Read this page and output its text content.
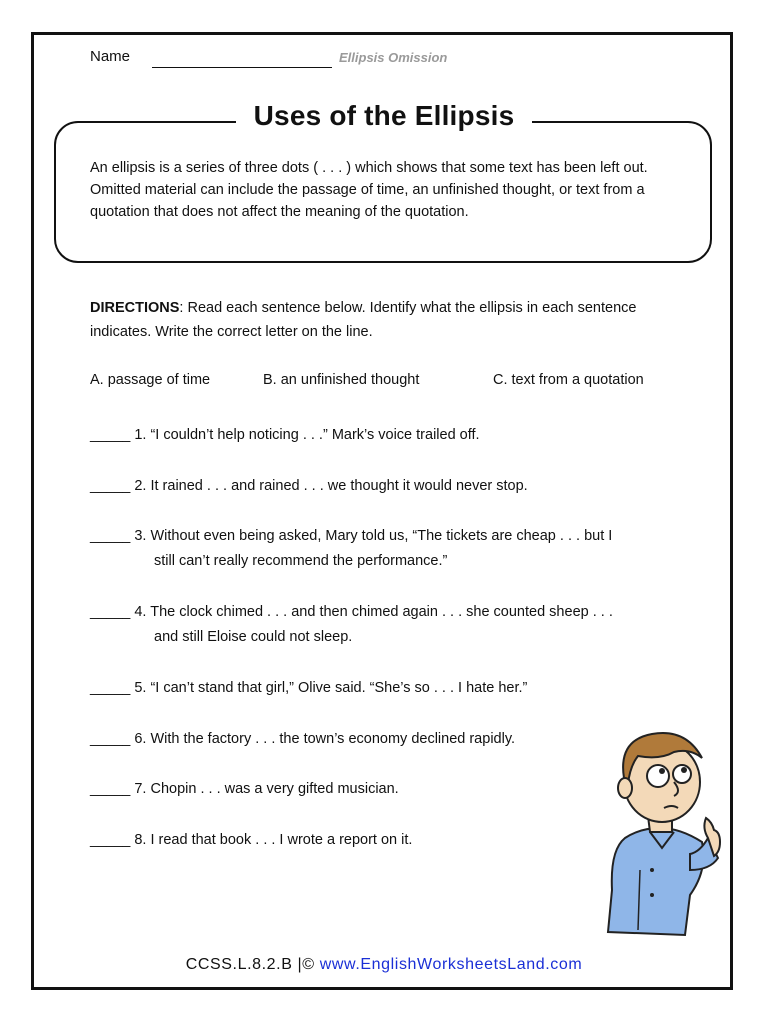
Name	Ellipsis Omission
Uses of the Ellipsis
An ellipsis is a series of three dots ( . . . ) which shows that some text has been left out. Omitted material can include the passage of time, an unfinished thought, or text from a quotation that does not affect the meaning of the quotation.
DIRECTIONS: Read each sentence below. Identify what the ellipsis in each sentence indicates. Write the correct letter on the line.
A. passage of time	B. an unfinished thought	C. text from a quotation
_____ 1. “I couldn’t help noticing . . .” Mark’s voice trailed off.
_____ 2. It rained . . . and rained . . . we thought it would never stop.
_____ 3. Without even being asked, Mary told us, “The tickets are cheap . . . but I
still can’t really recommend the performance.”
_____ 4. The clock chimed . . . and then chimed again . . . she counted sheep . . .
and still Eloise could not sleep.
_____ 5. “I can’t stand that girl,” Olive said. “She’s so . . . I hate her.”
_____ 6. With the factory . . . the town’s economy declined rapidly.
_____ 7. Chopin . . . was a very gifted musician.
_____ 8. I read that book . . . I wrote a report on it.
CCSS.L.8.2.B |© www.EnglishWorksheetsLand.com
